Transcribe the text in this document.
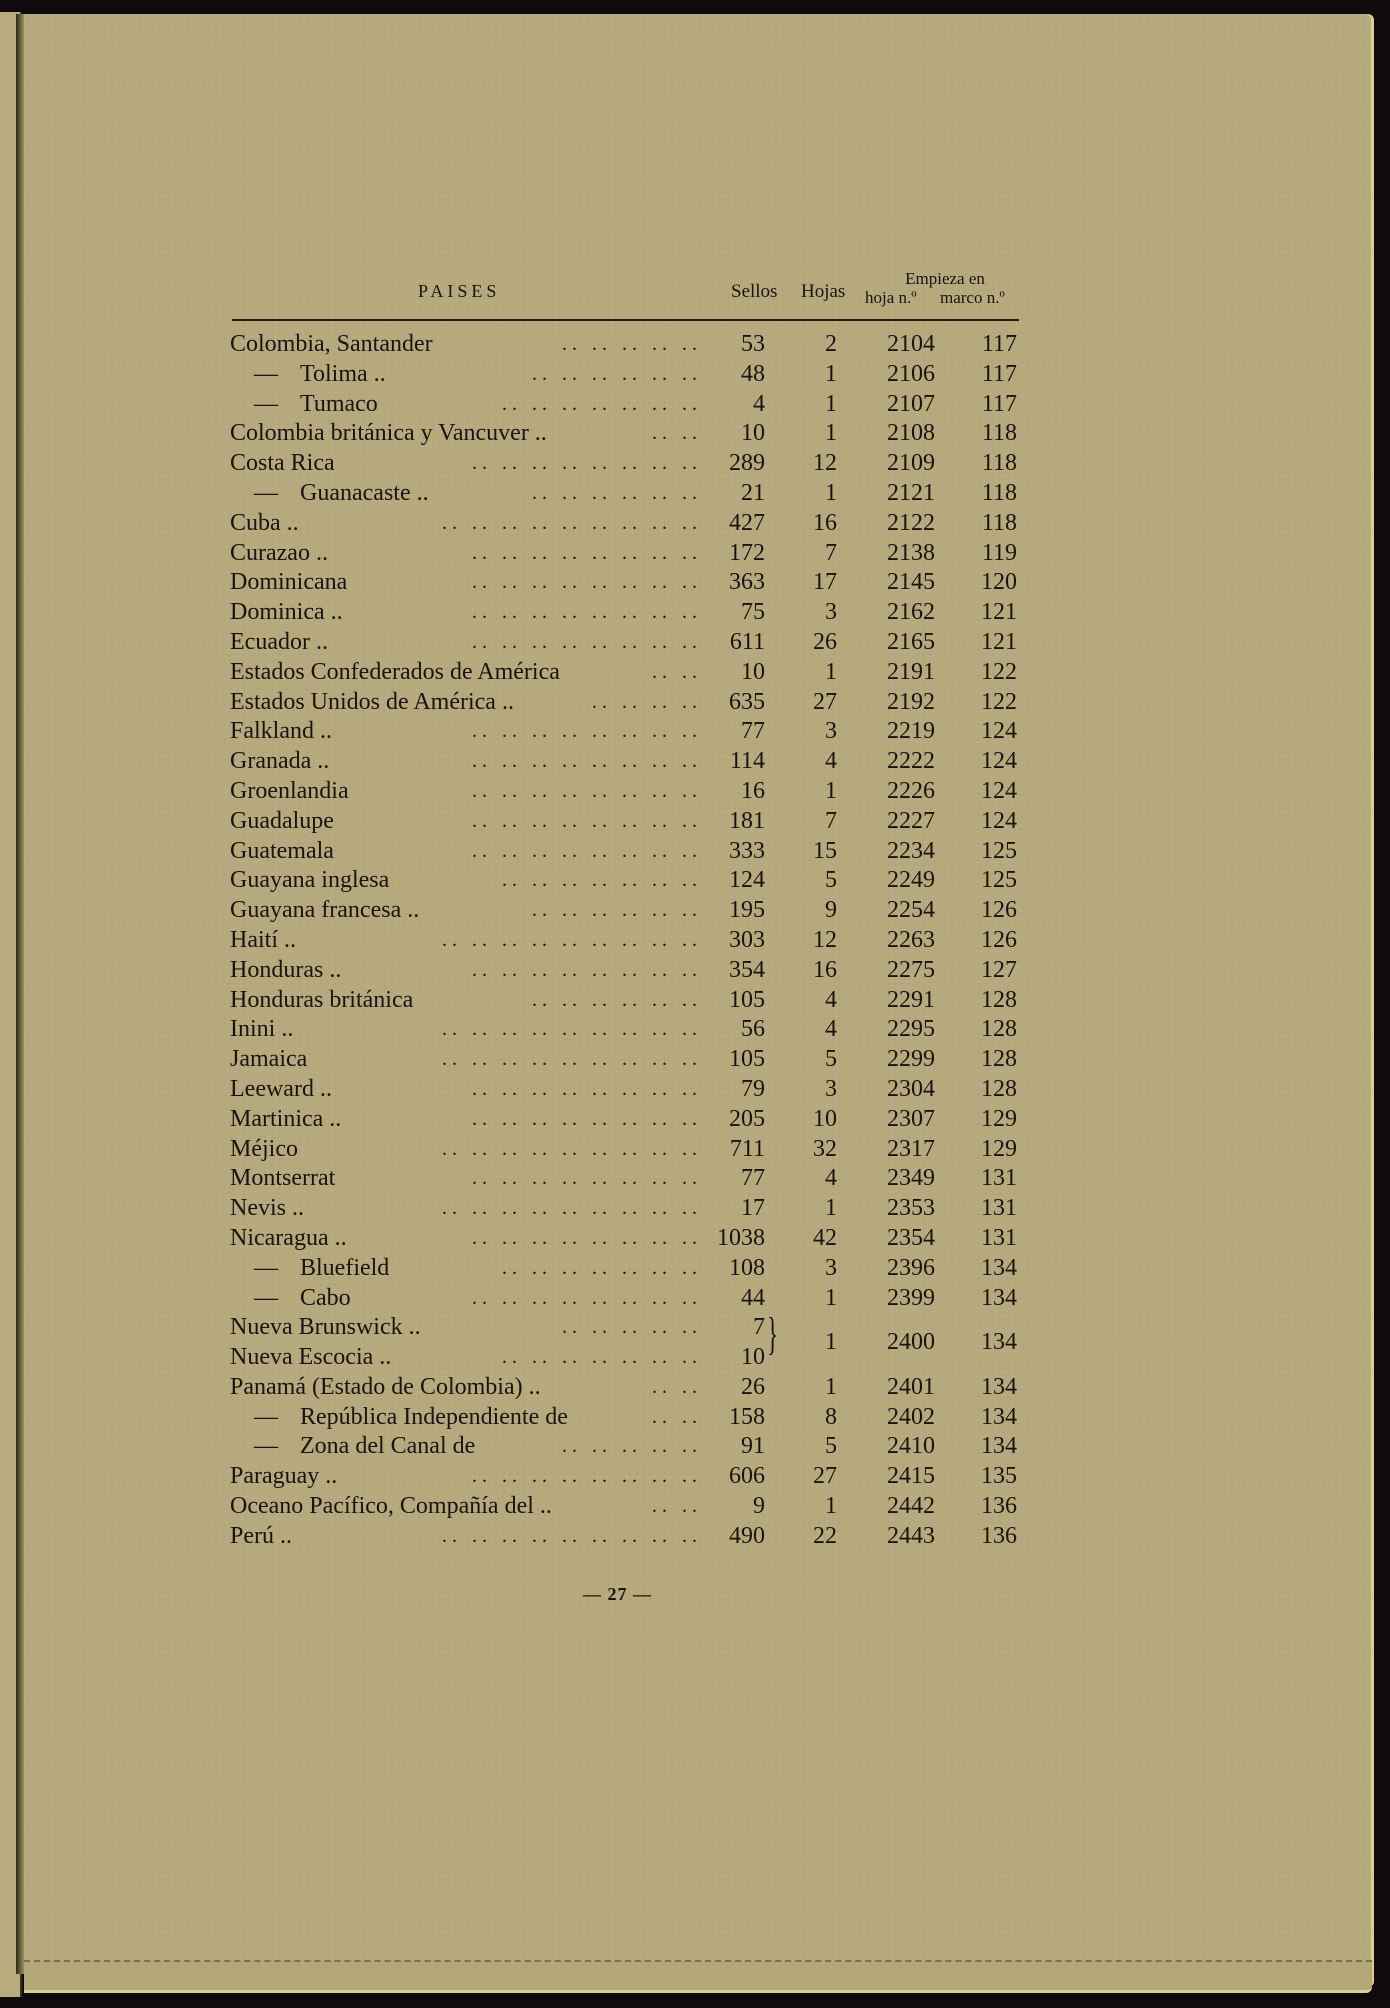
PAISES	Sellos Hojas
Empieza en
hoja n.º marco n.º
Colombia, Santander	.. .. .. .. .. 53	2 2104 117
— Tolima ..	.. .. .. .. .. .. 48	1 2106 117
— Tumaco	.. .. .. .. .. .. .. 4	1 2107 117
Colombia británica y Vancuver ..	.. .. 10	1 2108 118
Costa Rica	.. .. .. .. .. .. .. .. 289 12 2109 118
— Guanacaste ..	.. .. .. .. .. .. 21	1 2121 118
Cuba ..	.. .. .. .. .. .. .. .. .. 427 16 2122 118
Curazao ..	.. .. .. .. .. .. .. .. 172	7 2138 119
Dominicana	.. .. .. .. .. .. .. .. 363 17 2145 120
Dominica ..	.. .. .. .. .. .. .. .. 75	3 2162 121
Ecuador ..	.. .. .. .. .. .. .. .. 611 26 2165 121
Estados Confederados de América	.. .. 10	1 2191 122
Estados Unidos de América ..	.. .. .. .. 635 27 2192 122
Falkland ..	.. .. .. .. .. .. .. .. 77	3 2219 124
Granada ..	.. .. .. .. .. .. .. .. 114	4 2222 124
Groenlandia	.. .. .. .. .. .. .. .. 16	1 2226 124
Guadalupe	.. .. .. .. .. .. .. .. 181	7 2227 124
Guatemala	.. .. .. .. .. .. .. .. 333 15 2234 125
Guayana inglesa	.. .. .. .. .. .. .. 124	5 2249 125
Guayana francesa ..	.. .. .. .. .. .. 195	9 2254 126
Haití ..	.. .. .. .. .. .. .. .. .. 303 12 2263 126
Honduras ..	.. .. .. .. .. .. .. .. 354 16 2275 127
Honduras británica	.. .. .. .. .. .. 105	4 2291 128
Inini ..	.. .. .. .. .. .. .. .. .. 56	4 2295 128
Jamaica	.. .. .. .. .. .. .. .. .. 105	5 2299 128
Leeward ..	.. .. .. .. .. .. .. .. 79	3 2304 128
Martinica ..	.. .. .. .. .. .. .. .. 205 10 2307 129
Méjico	.. .. .. .. .. .. .. .. .. 711 32 2317 129
Montserrat	.. .. .. .. .. .. .. .. 77	4 2349 131
Nevis ..	.. .. .. .. .. .. .. .. .. 17	1 2353 131
Nicaragua ..	.. .. .. .. .. .. .. .. 1038 42 2354 131
— Bluefield	.. .. .. .. .. .. .. 108	3 2396 134
— Cabo	.. .. .. .. .. .. .. .. 44	1 2399 134
Nueva Brunswick ..	.. .. .. .. .. 7 } 1 2400 134
Nueva Escocia ..	.. .. .. .. .. .. .. 10
Panamá (Estado de Colombia) ..	.. .. 26	1 2401 134
— República Independiente de	.. .. 158	8 2402 134
— Zona del Canal de	.. .. .. .. .. 91	5 2410 134
Paraguay ..	.. .. .. .. .. .. .. .. 606 27 2415 135
Oceano Pacífico, Compañía del ..	.. .. 9	1 2442 136
Perú ..	.. .. .. .. .. .. .. .. .. 490 22 2443 136
— 27 —
